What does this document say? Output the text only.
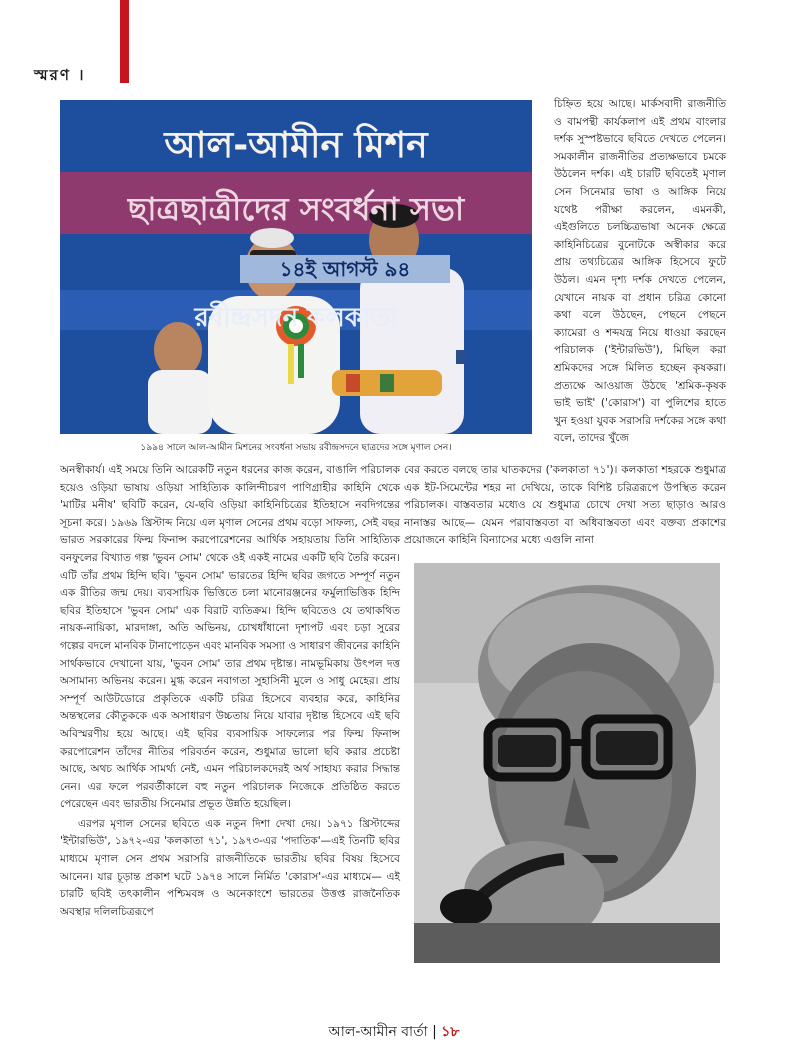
স্মরণ ।
আল-আমীন মিশন
ছাত্রছাত্রীদের সংবর্ধনা সভা
১৪ই আগস্ট ৯৪
রবীন্দ্রসদন কলকাতা
১৯৯৪ সালে আল-আমীন মিশনের সংবর্ধনা সভায় রবীন্দ্রসদনে ছাত্রদের সঙ্গে মৃণাল সেন।

চিহ্নিত হয়ে আছে। মার্কসবাদী রাজনীতি ও বামপন্থী কার্যকলাপ এই প্রথম বাংলার দর্শক সুস্পষ্টভাবে ছবিতে দেখতে পেলেন। সমকালীন রাজনীতির প্রত্যক্ষভাবে চমকে উঠলেন দর্শক। এই চারটি ছবিতেই মৃণাল সেন সিনেমার ভাষা ও আঙ্গিক নিয়ে যথেষ্ট পরীক্ষা করলেন, এমনকী, এইগুলিতে চলচ্চিত্রভাষা অনেক ক্ষেত্রে কাহিনিচিত্রের বুনোটকে অস্বীকার করে প্রায় তথ্যচিত্রের আঙ্গিক হিসেবে ফুটে উঠল। এমন দৃশ্য দর্শক দেখতে পেলেন, যেখানে নায়ক বা প্রধান চরিত্র কোনো কথা বলে উঠছেন, পেছনে পেছনে ক্যামেরা ও শব্দযন্ত্র নিয়ে ধাওয়া করছেন পরিচালক ('ইন্টারভিউ'), মিছিল করা শ্রমিকদের সঙ্গে মিলিত হচ্ছেন কৃষকরা। প্রত্যক্ষে আওয়াজ উঠছে 'শ্রমিক-কৃষক ভাই ভাই' ('কোরাস') বা পুলিশের হাতে খুন হওয়া যুবক সরাসরি দর্শকের সঙ্গে কথা বলে, তাদের খুঁজে

অনস্বীকার্য। এই সময়ে তিনি আরেকটি নতুন ধরনের কাজ করেন, বাঙালি পরিচালক হয়েও ওড়িয়া ভাষায় ওড়িয়া সাহিত্যিক কালিন্দীচরণ পাণিগ্রাহীর কাহিনি থেকে 'মাটির মনীষ' ছবিটি করেন, যে-ছবি ওড়িয়া কাহিনিচিত্রের ইতিহাসে নবদিগন্তের সূচনা করে। ১৯৬৯ খ্রিস্টাব্দ নিয়ে এল মৃণাল সেনের প্রথম বড়ো সাফল্য, সেই বছর ভারত সরকারের ফিল্ম ফিনান্স করপোরেশনের আর্থিক সহায়তায় তিনি সাহিত্যিক বনফুলের বিখ্যাত গল্প 'ভুবন সোম' থেকে ওই একই নামের একটি ছবি তৈরি করেন। এটি তাঁর প্রথম হিন্দি ছবি। 'ভুবন সোম' ভারতের হিন্দি ছবির জগতে সম্পূর্ণ নতুন এক রীতির জন্ম দেয়। ব্যবসায়িক ভিত্তিতে চলা মানোরঞ্জনের ফর্মুলাভিত্তিক হিন্দি ছবির ইতিহাসে 'ভুবন সোম' এক বিরাট ব্যতিক্রম। হিন্দি ছবিতেও যে তথাকথিত নায়ক-নায়িকা, মারদাঙ্গা, অতি অভিনয়, চোখধাঁধানো দৃশ্যপট এবং চড়া সুরের গল্পের বদলে মানবিক টানাপোড়েন এবং মানবিক সমস্যা ও সাধারণ জীবনের কাহিনি সার্থকভাবে দেখানো যায়, 'ভুবন সোম' তার প্রথম দৃষ্টান্ত। নামভূমিকায় উৎপল দত্ত অসামান্য অভিনয় করেন। মুগ্ধ করেন নবাগতা সুহাসিনী মুলে ও সাধু মেহের। প্রায় সম্পূর্ণ আউটডোরে প্রকৃতিকে একটি চরিত্র হিসেবে ব্যবহার করে, কাহিনির অন্তস্থলের কৌতুককে এক অসাধারণ উচ্চতায় নিয়ে যাবার দৃষ্টান্ত হিসেবে এই ছবি অবিস্মরণীয় হয়ে আছে। এই ছবির ব্যবসায়িক সাফল্যের পর ফিল্ম ফিনান্স করপোরেশন তাঁদের নীতির পরিবর্তন করেন, শুধুমাত্র ভালো ছবি করার প্রচেষ্টা আছে, অথচ আর্থিক সামর্থ্য নেই, এমন পরিচালকদেরই অর্থ সাহায্য করার সিদ্ধান্ত নেন। এর ফলে পরবর্তীকালে বহু নতুন পরিচালক নিজেকে প্রতিষ্ঠিত করতে পেরেছেন এবং ভারতীয় সিনেমার প্রভূত উন্নতি হয়েছিল।

এরপর মৃণাল সেনের ছবিতে এক নতুন দিশা দেখা দেয়। ১৯৭১ খ্রিস্টাব্দের 'ইন্টারভিউ', ১৯৭২-এর 'কলকাতা ৭১', ১৯৭৩-এর 'পদাতিক'—এই তিনটি ছবির মাধ্যমে মৃণাল সেন প্রথম সরাসরি রাজনীতিকে ভারতীয় ছবির বিষয় হিসেবে আনেন। যার চূড়ান্ত প্রকাশ ঘটে ১৯৭৪ সালে নির্মিত 'কোরাস'-এর মাধ্যমে— এই চারটি ছবিই তৎকালীন পশ্চিমবঙ্গ ও অনেকাংশে ভারতের উত্তপ্ত রাজনৈতিক অবস্থার দলিলচিত্ররূপে

বের করতে বলছে তার ঘাতকদের ('কলকাতা ৭১')। কলকাতা শহরকে শুধুমাত্র এক ইট-সিমেন্টের শহর না দেখিয়ে, তাকে বিশিষ্ট চরিত্ররূপে উপস্থিত করেন পরিচালক। বাস্তবতার মধ্যেও যে শুধুমাত্র চোখে দেখা সত্য ছাড়াও আরও নানাস্তর আছে— যেমন পরাবাস্তবতা বা অধিবাস্তবতা এবং বক্তব্য প্রকাশের প্রয়োজনে কাহিনি বিন্যাসের মধ্যে এগুলি নানা

আল-আমীন বার্তা | ১৮
